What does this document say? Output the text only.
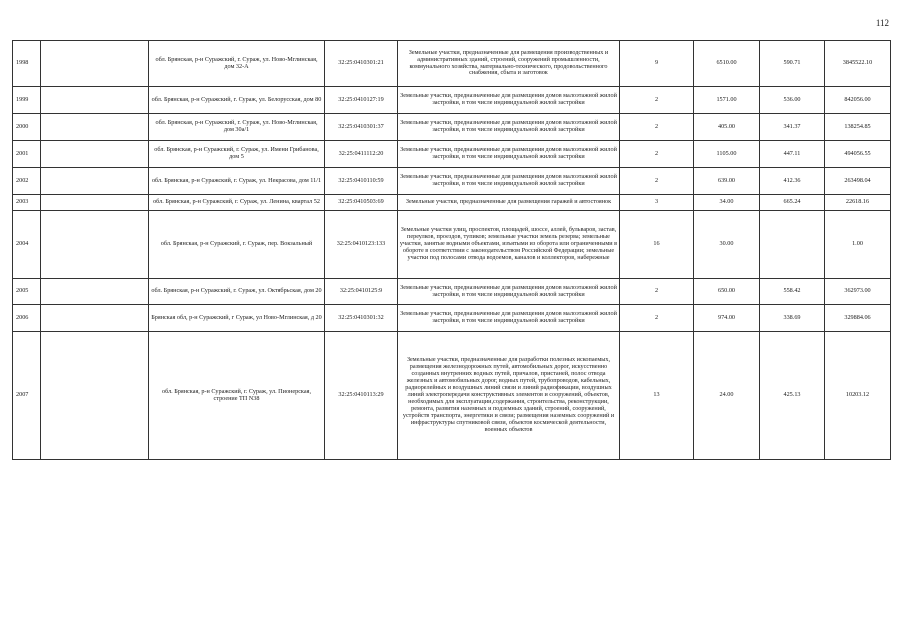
112
1998		обл. Брянская, р-н Суражский, г. Сураж, ул. Ново-Мглинская, дом 32-А	32:25:0410301:21	Земельные участки, предназначенные для размещения производственных и административных зданий, строений, сооружений промышленности, коммунального хозяйства, материально-технического, продовольственного снабжения, сбыта и заготовок	9	6510.00	590.71	3845522.10
1999		обл. Брянская, р-н Суражский, г. Сураж, ул. Белорусская, дом 80	32:25:0410127:19	Земельные участки, предназначенные для размещения домов малоэтажной жилой застройки, в том числе индивидуальной жилой застройки	2	1571.00	536.00	842056.00
2000		обл. Брянская, р-н Суражский, г. Сураж, ул. Ново-Мглинская, дом 30а/1	32:25:0410301:37	Земельные участки, предназначенные для размещения домов малоэтажной жилой застройки, в том числе индивидуальной жилой застройки	2	405.00	341.37	138254.85
2001		обл. Брянская, р-н Суражский, г. Сураж, ул. Имени Грибанова, дом 5	32:25:0411112:20	Земельные участки, предназначенные для размещения домов малоэтажной жилой застройки, в том числе индивидуальной жилой застройки	2	1105.00	447.11	494056.55
2002		обл. Брянская, р-н Суражский, г. Сураж, ул. Некрасова, дом 11/1	32:25:0410110:59	Земельные участки, предназначенные для размещения домов малоэтажной жилой застройки, в том числе индивидуальной жилой застройки	2	639.00	412.36	263498.04
2003		обл. Брянская, р-н Суражский, г. Сураж, ул. Ленина, квартал 52	32:25:0410503:69	Земельные участки, предназначенные для размещения гаражей и автостоянок	3	34.00	665.24	22618.16
2004		обл. Брянская, р-н Суражский, г. Сураж, пер. Вокзальный	32:25:0410123:133	Земельные участки улиц, проспектов, площадей, шоссе, аллей, бульваров, застав, переулков, проездов, тупиков; земельные участки земель резерва; земельные участки, занятые водными объектами, изъятыми из оборота или ограниченными в обороте в соответствии с законодательством Российской Федерации; земельные участки под полосами отвода водоемов, каналов и коллекторов, набережные	16	30.00		1.00
2005		обл. Брянская, р-н Суражский, г. Сураж, ул. Октябрьская, дом 20	32:25:0410125:9	Земельные участки, предназначенные для размещения домов малоэтажной жилой застройки, в том числе индивидуальной жилой застройки	2	650.00	558.42	362973.00
2006		Брянская обл, р-н Суражский, г Сураж, ул Ново-Мглинская, д 20	32:25:0410301:32	Земельные участки, предназначенные для размещения домов малоэтажной жилой застройки, в том числе индивидуальной жилой застройки	2	974.00	338.69	329884.06
2007		обл. Брянская, р-н Суражский, г. Сураж, ул. Пионерская, строение ТП N38	32:25:0410113:29	Земельные участки, предназначенные для разработки полезных ископаемых, размещения железнодорожных путей, автомобильных дорог, искусственно созданных внутренних водных путей, причалов, пристаней, полос отвода железных и автомобильных дорог, водных путей, трубопроводов, кабельных, радиорелейных и воздушных линий связи и линий радиофикации, воздушных линий электропередачи конструктивных элементов и сооружений, объектов, необходимых для эксплуатации,содержания, строительства, реконструкции, ремонта, развития наземных и подземных зданий, строений, сооружений, устройств транспорта, энергетики и связи; размещения наземных сооружений и инфраструктуры спутниковой связи, объектов космической деятельности, военных объектов	13	24.00	425.13	10203.12
